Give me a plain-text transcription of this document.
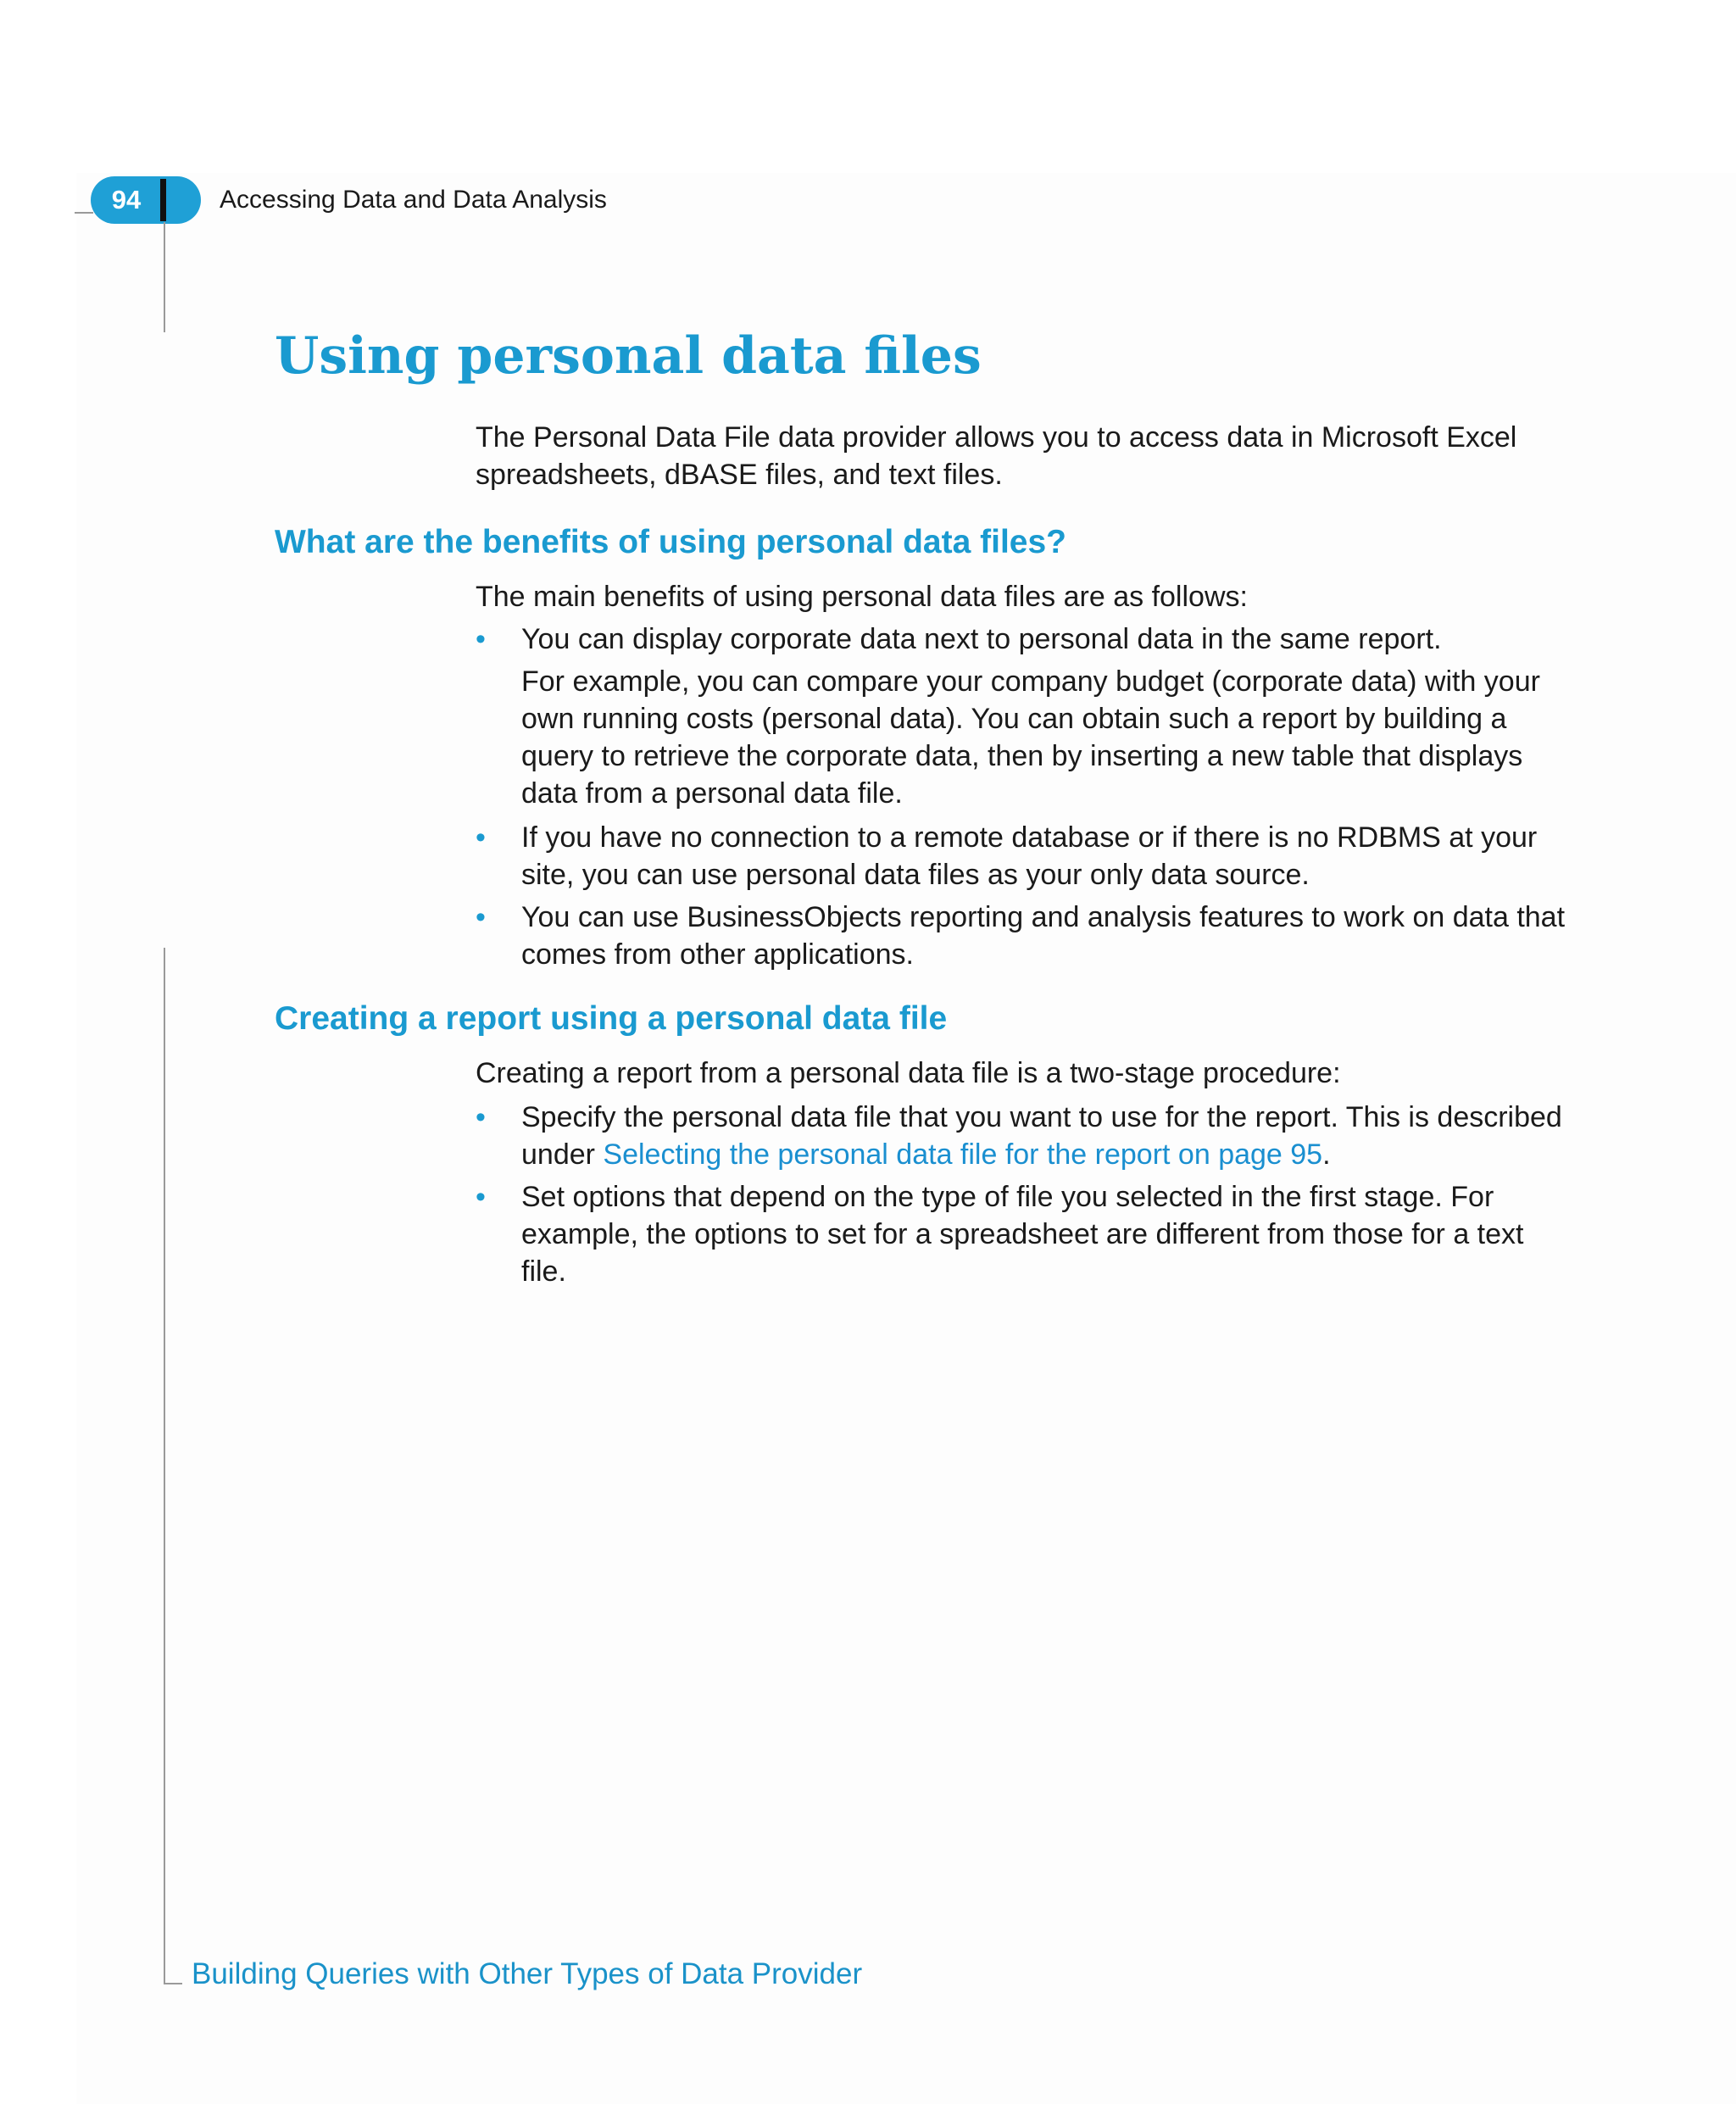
94	Accessing Data and Data Analysis
Using personal data files

The Personal Data File data provider allows you to access data in Microsoft Excel spreadsheets, dBASE files, and text files.

What are the benefits of using personal data files?

The main benefits of using personal data files are as follows:

•	You can display corporate data next to personal data in the same report.

For example, you can compare your company budget (corporate data) with your own running costs (personal data). You can obtain such a report by building a query to retrieve the corporate data, then by inserting a new table that displays data from a personal data file.

•	If you have no connection to a remote database or if there is no RDBMS at your site, you can use personal data files as your only data source.
•	You can use BusinessObjects reporting and analysis features to work on data that comes from other applications.
Creating a report using a personal data file

Creating a report from a personal data file is a two-stage procedure:

•	Specify the personal data file that you want to use for the report. This is described under Selecting the personal data file for the report on page 95.
•	Set options that depend on the type of file you selected in the first stage. For example, the options to set for a spreadsheet are different from those for a text file.
Building Queries with Other Types of Data Provider
